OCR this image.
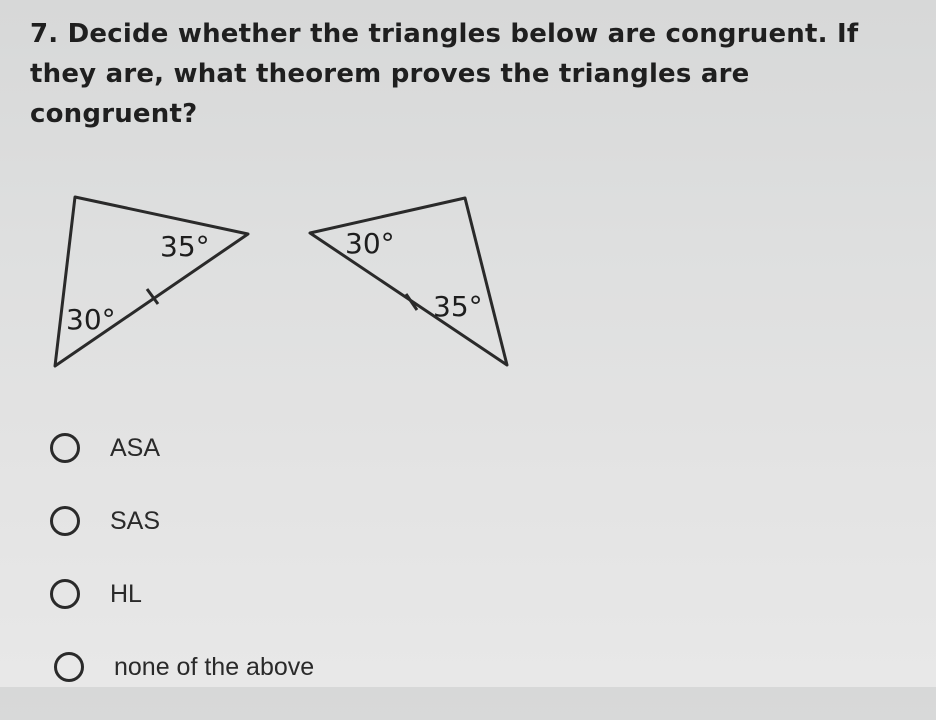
7. Decide whether the triangles below are congruent. If they are, what theorem proves the triangles are congruent?
35°
30°
30°
35°
ASA
SAS
HL
none of the above
